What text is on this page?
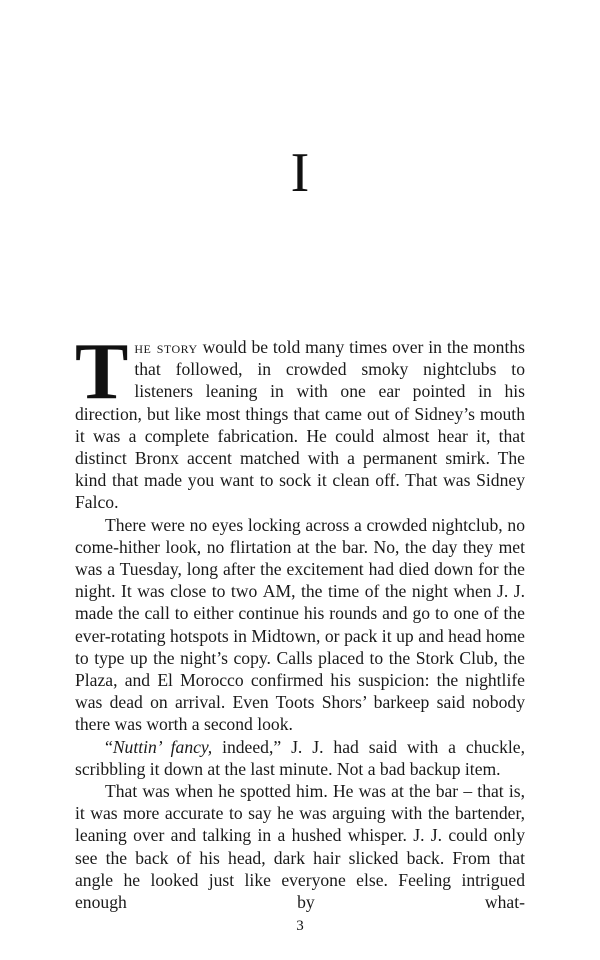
I

The story would be told many times over in the months that followed, in crowded smoky nightclubs to listeners leaning in with one ear pointed in his direction, but like most things that came out of Sidney’s mouth it was a complete fabrication. He could almost hear it, that distinct Bronx accent matched with a permanent smirk. The kind that made you want to sock it clean off. That was Sidney Falco.

There were no eyes locking across a crowded nightclub, no come-hither look, no flirtation at the bar. No, the day they met was a Tuesday, long after the excitement had died down for the night. It was close to two AM, the time of the night when J. J. made the call to either continue his rounds and go to one of the ever-rotating hotspots in Midtown, or pack it up and head home to type up the night’s copy. Calls placed to the Stork Club, the Plaza, and El Morocco confirmed his suspicion: the nightlife was dead on arrival. Even Toots Shors’ barkeep said nobody there was worth a second look.

“Nuttin’ fancy, indeed,” J. J. had said with a chuckle, scribbling it down at the last minute. Not a bad backup item.

That was when he spotted him. He was at the bar – that is, it was more accurate to say he was arguing with the bartender, leaning over and talking in a hushed whisper. J. J. could only see the back of his head, dark hair slicked back. From that angle he looked just like everyone else. Feeling intrigued enough by what-

3
